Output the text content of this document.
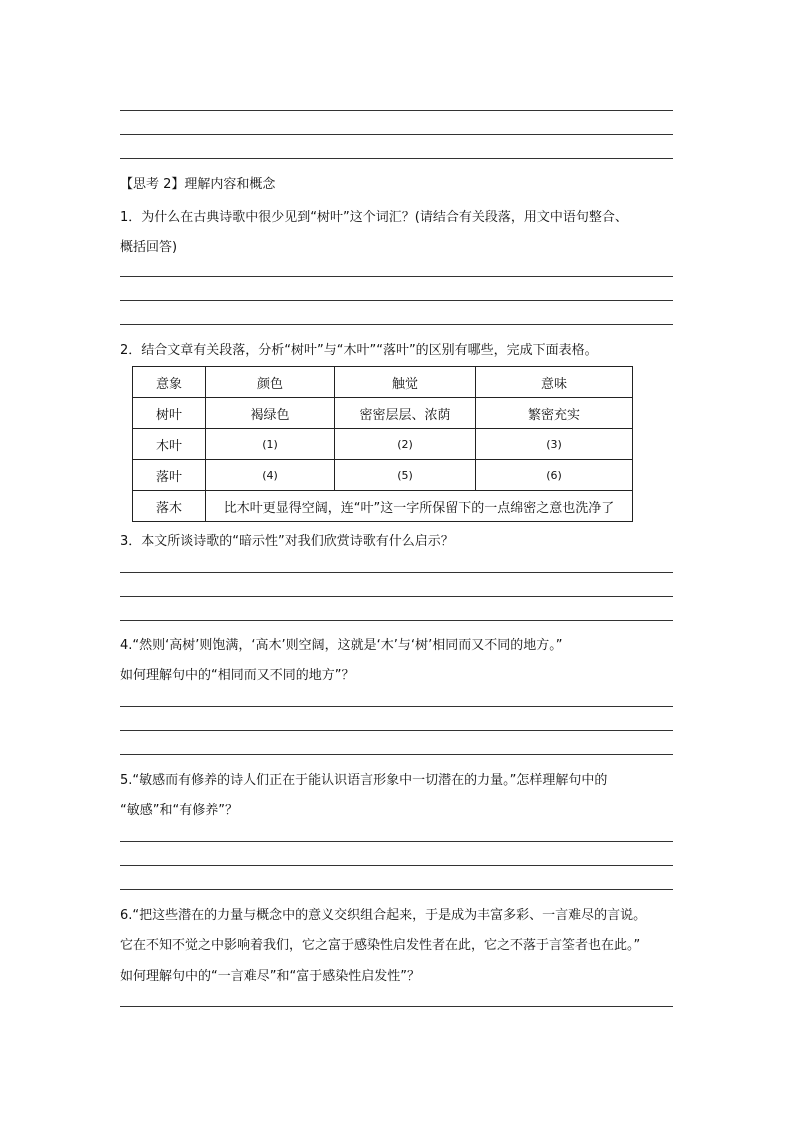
【思考 2】理解内容和概念

1．为什么在古典诗歌中很少见到“树叶”这个词汇？(请结合有关段落，用文中语句整合、

概括回答)

2．结合文章有关段落，分析“树叶”与“木叶”“落叶”的区别有哪些，完成下面表格。

意象	颜色	触觉	意味
树叶	褐绿色	密密层层、浓荫	繁密充实
木叶	(1)	(2)	(3)
落叶	(4)	(5)	(6)
落木	比木叶更显得空阔，连“叶”这一字所保留下的一点绵密之意也洗净了		

3．本文所谈诗歌的“暗示性”对我们欣赏诗歌有什么启示？

4.“然则‘高树’则饱满，‘高木’则空阔，这就是‘木’与‘树’相同而又不同的地方。”

如何理解句中的“相同而又不同的地方”？

5.“敏感而有修养的诗人们正在于能认识语言形象中一切潜在的力量。”怎样理解句中的

“敏感”和“有修养”？

6.“把这些潜在的力量与概念中的意义交织组合起来，于是成为丰富多彩、一言难尽的言说。

它在不知不觉之中影响着我们，它之富于感染性启发性者在此，它之不落于言筌者也在此。”

如何理解句中的“一言难尽”和“富于感染性启发性”？
